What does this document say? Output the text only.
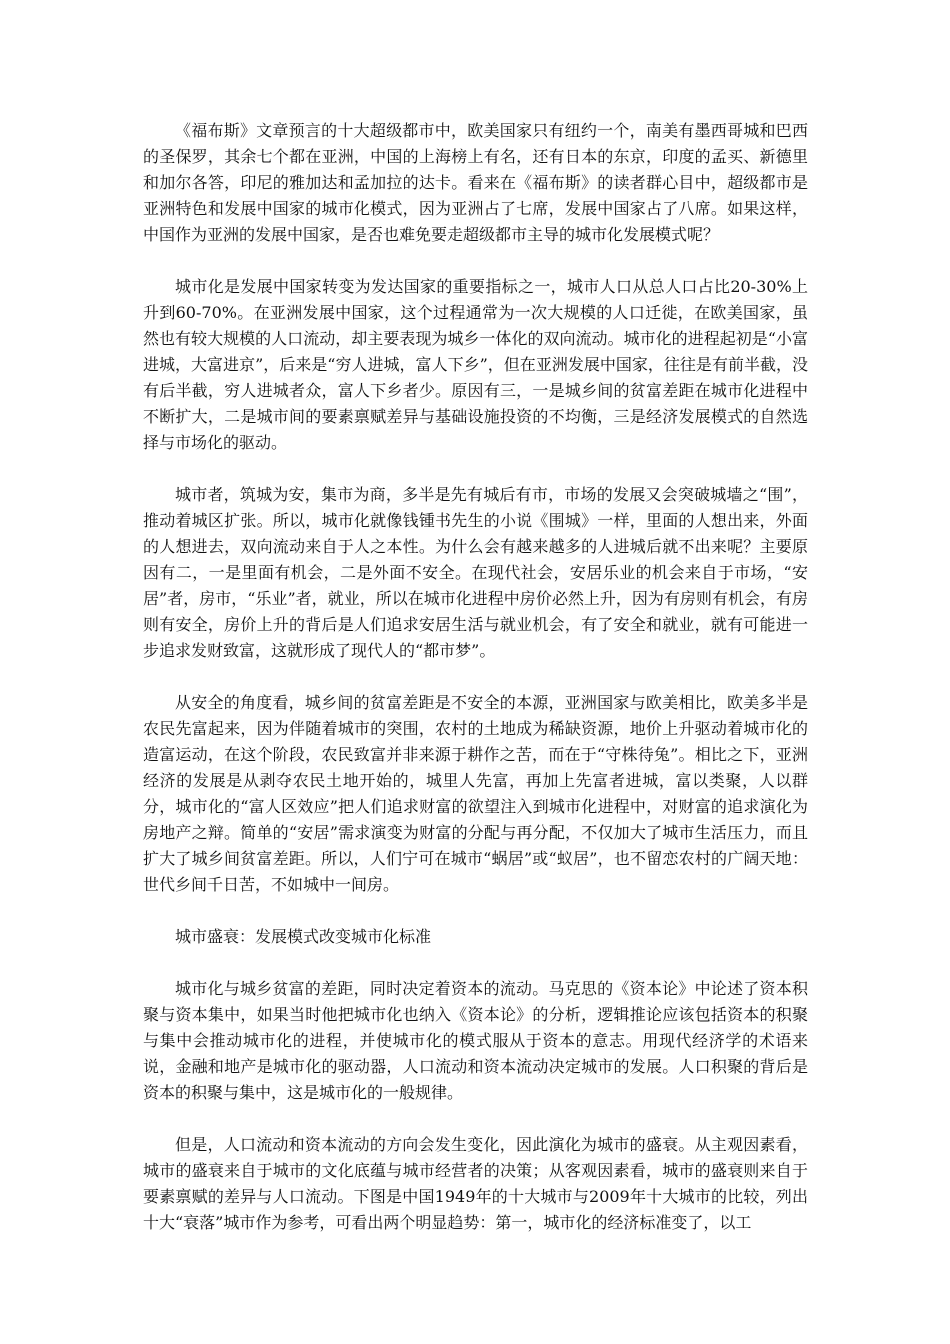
《福布斯》文章预言的十大超级都市中，欧美国家只有纽约一个，南美有墨西哥城和巴西的圣保罗，其余七个都在亚洲，中国的上海榜上有名，还有日本的东京，印度的孟买、新德里和加尔各答，印尼的雅加达和孟加拉的达卡。看来在《福布斯》的读者群心目中，超级都市是亚洲特色和发展中国家的城市化模式，因为亚洲占了七席，发展中国家占了八席。如果这样，中国作为亚洲的发展中国家，是否也难免要走超级都市主导的城市化发展模式呢？

城市化是发展中国家转变为发达国家的重要指标之一，城市人口从总人口占比20-30%上升到60-70%。在亚洲发展中国家，这个过程通常为一次大规模的人口迁徙，在欧美国家，虽然也有较大规模的人口流动，却主要表现为城乡一体化的双向流动。城市化的进程起初是“小富进城，大富进京”，后来是“穷人进城，富人下乡”，但在亚洲发展中国家，往往是有前半截，没有后半截，穷人进城者众，富人下乡者少。原因有三，一是城乡间的贫富差距在城市化进程中不断扩大，二是城市间的要素禀赋差异与基础设施投资的不均衡，三是经济发展模式的自然选择与市场化的驱动。

城市者，筑城为安，集市为商，多半是先有城后有市，市场的发展又会突破城墙之“围”，推动着城区扩张。所以，城市化就像钱锺书先生的小说《围城》一样，里面的人想出来，外面的人想进去，双向流动来自于人之本性。为什么会有越来越多的人进城后就不出来呢？主要原因有二，一是里面有机会，二是外面不安全。在现代社会，安居乐业的机会来自于市场，“安居”者，房市，“乐业”者，就业，所以在城市化进程中房价必然上升，因为有房则有机会，有房则有安全，房价上升的背后是人们追求安居生活与就业机会，有了安全和就业，就有可能进一步追求发财致富，这就形成了现代人的“都市梦”。

从安全的角度看，城乡间的贫富差距是不安全的本源，亚洲国家与欧美相比，欧美多半是农民先富起来，因为伴随着城市的突围，农村的土地成为稀缺资源，地价上升驱动着城市化的造富运动，在这个阶段，农民致富并非来源于耕作之苦，而在于“守株待兔”。相比之下，亚洲经济的发展是从剥夺农民土地开始的，城里人先富，再加上先富者进城，富以类聚，人以群分，城市化的“富人区效应”把人们追求财富的欲望注入到城市化进程中，对财富的追求演化为房地产之辩。简单的“安居”需求演变为财富的分配与再分配，不仅加大了城市生活压力，而且扩大了城乡间贫富差距。所以，人们宁可在城市“蜗居”或“蚁居”，也不留恋农村的广阔天地：世代乡间千日苦，不如城中一间房。

城市盛衰：发展模式改变城市化标准

城市化与城乡贫富的差距，同时决定着资本的流动。马克思的《资本论》中论述了资本积聚与资本集中，如果当时他把城市化也纳入《资本论》的分析，逻辑推论应该包括资本的积聚与集中会推动城市化的进程，并使城市化的模式服从于资本的意志。用现代经济学的术语来说，金融和地产是城市化的驱动器，人口流动和资本流动决定城市的发展。人口积聚的背后是资本的积聚与集中，这是城市化的一般规律。

但是，人口流动和资本流动的方向会发生变化，因此演化为城市的盛衰。从主观因素看，城市的盛衰来自于城市的文化底蕴与城市经营者的决策；从客观因素看，城市的盛衰则来自于要素禀赋的差异与人口流动。下图是中国1949年的十大城市与2009年十大城市的比较，列出十大“衰落”城市作为参考，可看出两个明显趋势：第一，城市化的经济标准变了，以工
